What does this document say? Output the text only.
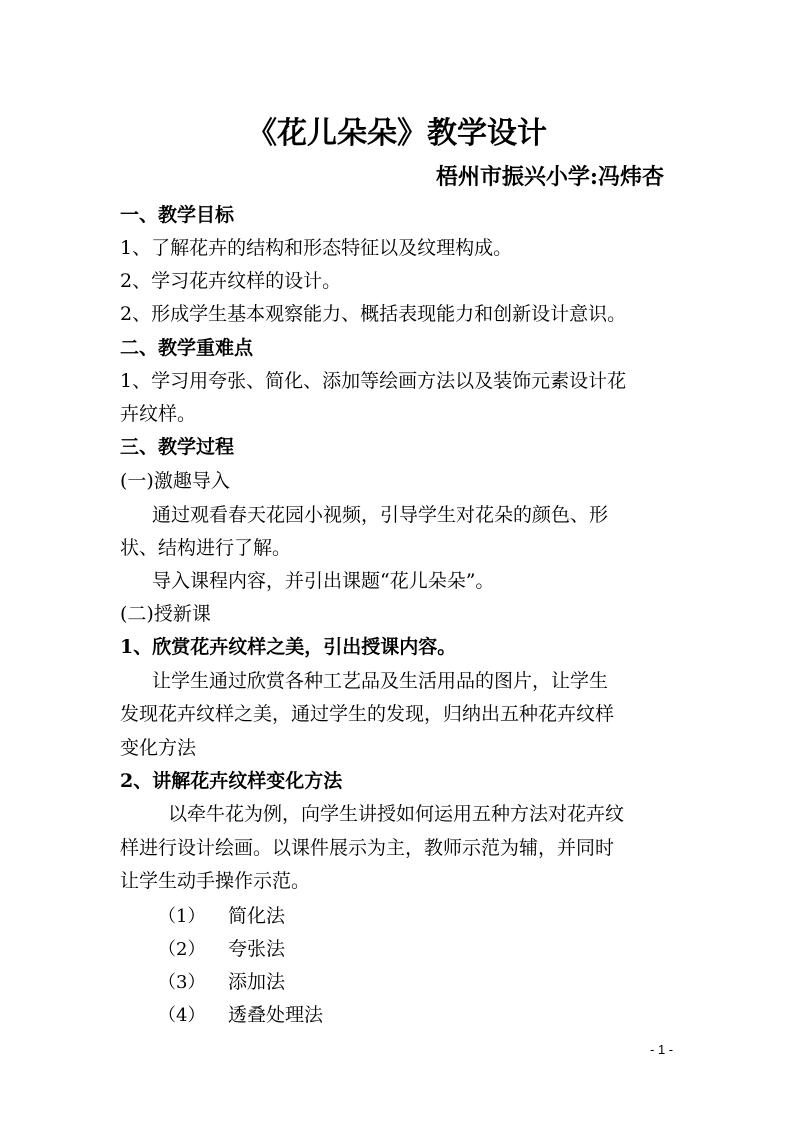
《花儿朵朵》教学设计
梧州市振兴小学:冯炜杏
一、教学目标
1、了解花卉的结构和形态特征以及纹理构成。
2、学习花卉纹样的设计。
2、形成学生基本观察能力、概括表现能力和创新设计意识。
二、教学重难点
1、学习用夸张、简化、添加等绘画方法以及装饰元素设计花
卉纹样。
三、教学过程
(一)激趣导入
通过观看春天花园小视频，引导学生对花朵的颜色、形
状、结构进行了解。
导入课程内容，并引出课题“花儿朵朵”。
(二)授新课
1、欣赏花卉纹样之美，引出授课内容。
让学生通过欣赏各种工艺品及生活用品的图片，让学生
发现花卉纹样之美，通过学生的发现，归纳出五种花卉纹样
变化方法
2、讲解花卉纹样变化方法
以牵牛花为例，向学生讲授如何运用五种方法对花卉纹
样进行设计绘画。以课件展示为主，教师示范为辅，并同时
让学生动手操作示范。
（1） 简化法
（2） 夸张法
（3） 添加法
（4） 透叠处理法
- 1 -
